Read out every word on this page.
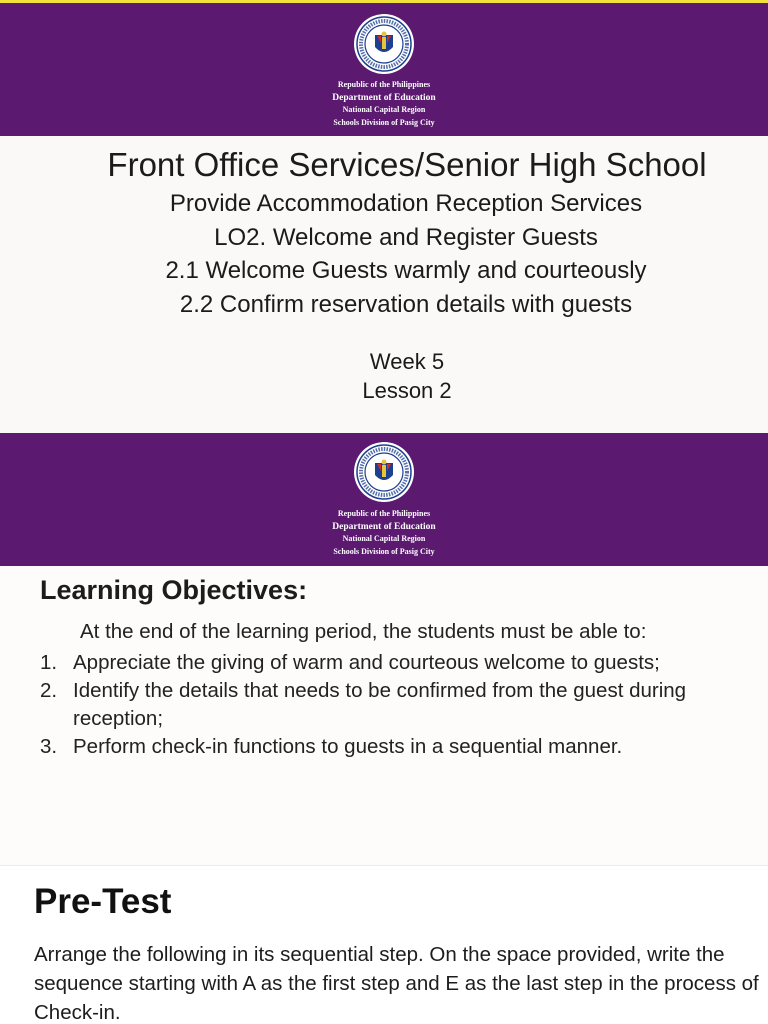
Republic of the Philippines
Department of Education
National Capital Region
Schools Division of Pasig City
Front Office Services/Senior High School
Provide Accommodation Reception Services
LO2. Welcome and Register Guests
2.1 Welcome Guests warmly and courteously
2.2 Confirm reservation details with guests
Week 5
Lesson 2
Republic of the Philippines
Department of Education
National Capital Region
Schools Division of Pasig City
Learning Objectives:
At the end of the learning period, the students must be able to:
1. Appreciate the giving of warm and courteous welcome to guests;
2. Identify the details that needs to be confirmed from the guest during reception;
3. Perform check-in functions to guests in a sequential manner.
Pre-Test
Arrange the following in its sequential step. On the space provided, write the sequence starting with A as the first step and E as the last step in the process of Check-in.
